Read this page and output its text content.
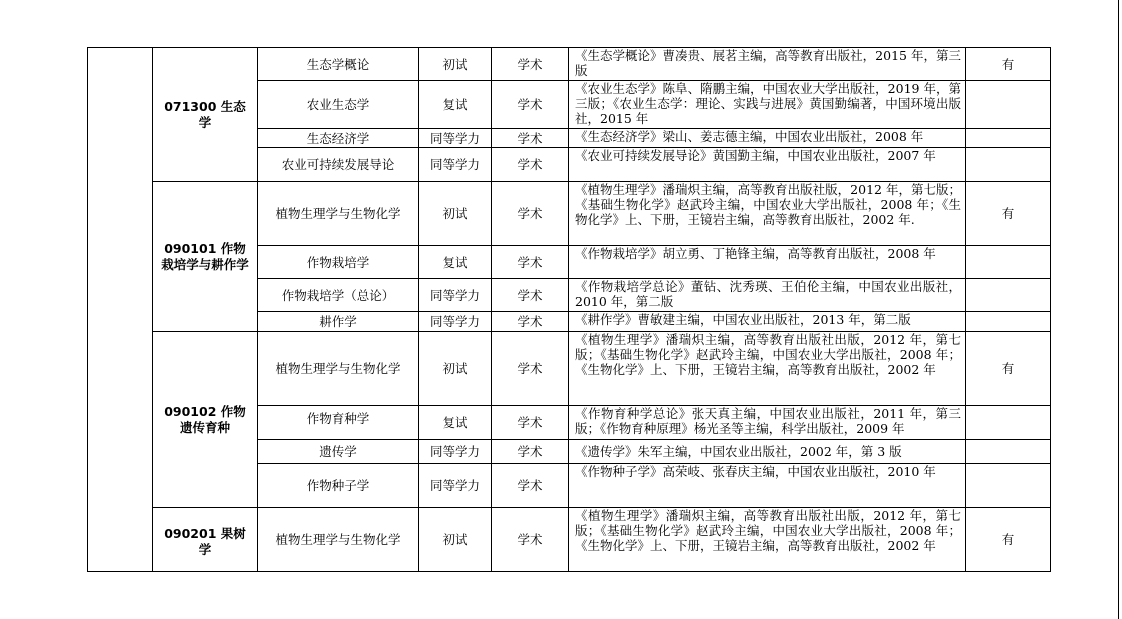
	071300 生态学	生态学概论	初试	学术	《生态学概论》曹凑贵、展茗主编，高等教育出版社，2015 年，第三版	有
		农业生态学	复试	学术	《农业生态学》陈阜、隋鹏主编，中国农业大学出版社，2019 年，第三版；《农业生态学：理论、实践与进展》黄国勤编著，中国环境出版社，2015 年	
		生态经济学	同等学力	学术	《生态经济学》梁山、姜志德主编，中国农业出版社，2008 年	
		农业可持续发展导论	同等学力	学术	《农业可持续发展导论》黄国勤主编，中国农业出版社，2007 年	
	090101 作物栽培学与耕作学	植物生理学与生物化学	初试	学术	《植物生理学》潘瑞炽主编，高等教育出版社版，2012 年，第七版；《基础生物化学》赵武玲主编，中国农业大学出版社，2008 年；《生物化学》上、下册，王镜岩主编，高等教育出版社，2002 年.	有
		作物栽培学	复试	学术	《作物栽培学》胡立勇、丁艳锋主编，高等教育出版社，2008 年	
		作物栽培学（总论）	同等学力	学术	《作物栽培学总论》董钻、沈秀瑛、王伯伦主编，中国农业出版社，2010 年，第二版	
		耕作学	同等学力	学术	《耕作学》曹敏建主编，中国农业出版社，2013 年，第二版	
	090102 作物遗传育种	植物生理学与生物化学	初试	学术	《植物生理学》潘瑞炽主编，高等教育出版社出版，2012 年，第七版；《基础生物化学》赵武玲主编，中国农业大学出版社，2008 年；《生物化学》上、下册，王镜岩主编，高等教育出版社，2002 年	有

		作物育种学	复试	学术	《作物育种学总论》张天真主编，中国农业出版社，2011 年，第三版；《作物育种原理》杨光圣等主编，科学出版社，2009 年	
		遗传学	同等学力	学术	《遗传学》朱军主编，中国农业出版社，2002 年，第 3 版	
		作物种子学	同等学力	学术	《作物种子学》高荣岐、张春庆主编，中国农业出版社，2010 年	
	090201 果树学	植物生理学与生物化学	初试	学术	《植物生理学》潘瑞炽主编，高等教育出版社出版，2012 年，第七版；《基础生物化学》赵武玲主编，中国农业大学出版社，2008 年；《生物化学》上、下册，王镜岩主编，高等教育出版社，2002 年	有
